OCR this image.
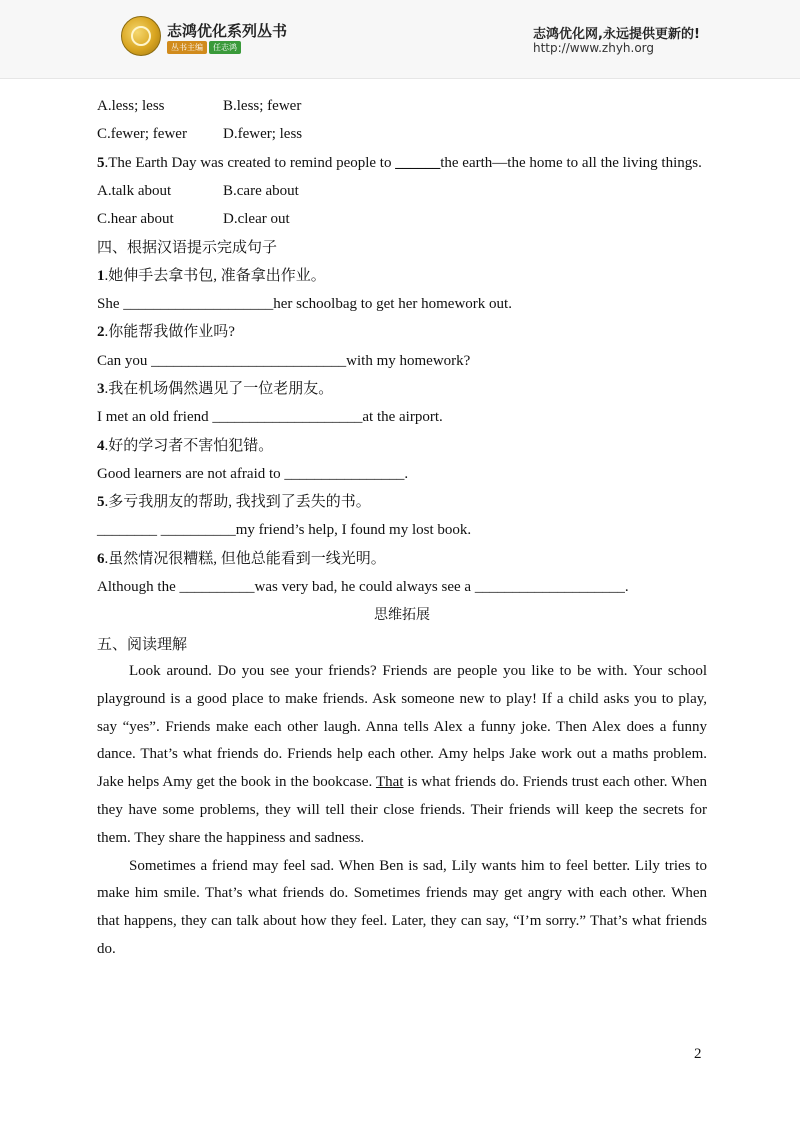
志鸿优化系列丛书
丛书主编	任志鸿
志鸿优化网,永远提供更新的!
http://www.zhyh.org
A.less; less	B.less; fewer
C.fewer; fewer D.fewer; less
5.The Earth Day was created to remind people to ______the earth—the home to all the living things.
A.talk about	B.care about
C.hear about	D.clear out
四、根据汉语提示完成句子
1.她伸手去拿书包, 准备拿出作业。
She ____________________her schoolbag to get her homework out.
2.你能帮我做作业吗?
Can you __________________________with my homework?
3.我在机场偶然遇见了一位老朋友。
I met an old friend ____________________at the airport.
4.好的学习者不害怕犯错。
Good learners are not afraid to ________________.
5.多亏我朋友的帮助, 我找到了丢失的书。
________ __________my friend’s help, I found my lost book.
6.虽然情况很糟糕, 但他总能看到一线光明。
Although the __________was very bad, he could always see a ____________________.
思维拓展
五、阅读理解

Look around. Do you see your friends? Friends are people you like to be with. Your school playground is a good place to make friends. Ask someone new to play! If a child asks you to play, say “yes”. Friends make each other laugh. Anna tells Alex a funny joke. Then Alex does a funny dance. That’s what friends do. Friends help each other. Amy helps Jake work out a maths problem. Jake helps Amy get the book in the bookcase. That is what friends do. Friends trust each other. When they have some problems, they will tell their close friends. Their friends will keep the secrets for them. They share the happiness and sadness.

Sometimes a friend may feel sad. When Ben is sad, Lily wants him to feel better. Lily tries to make him smile. That’s what friends do. Sometimes friends may get angry with each other. When that happens, they can talk about how they feel. Later, they can say, “I’m sorry.” That’s what friends do.

2
